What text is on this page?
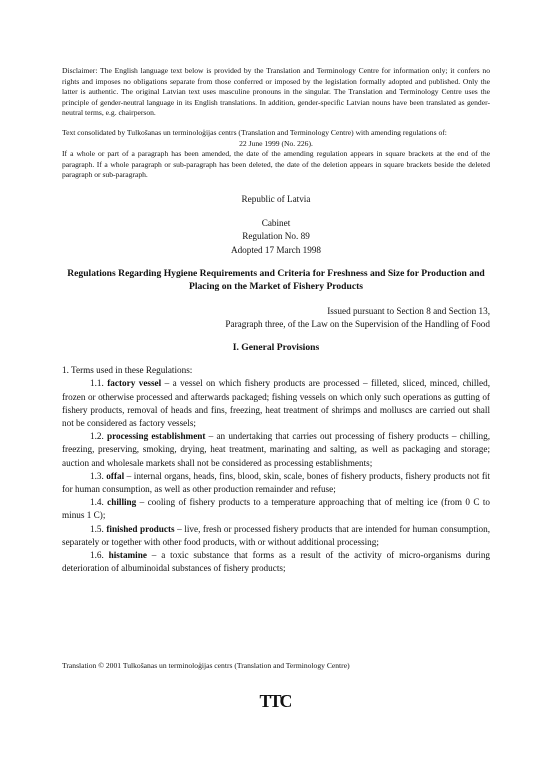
Disclaimer: The English language text below is provided by the Translation and Terminology Centre for information only; it confers no rights and imposes no obligations separate from those conferred or imposed by the legislation formally adopted and published. Only the latter is authentic. The original Latvian text uses masculine pronouns in the singular. The Translation and Terminology Centre uses the principle of gender-neutral language in its English translations. In addition, gender-specific Latvian nouns have been translated as gender-neutral terms, e.g. chairperson.

Text consolidated by Tulkošanas un terminoloģijas centrs (Translation and Terminology Centre) with amending regulations of:

22 June 1999 (No. 226).

If a whole or part of a paragraph has been amended, the date of the amending regulation appears in square brackets at the end of the paragraph. If a whole paragraph or sub-paragraph has been deleted, the date of the deletion appears in square brackets beside the deleted paragraph or sub-paragraph.

Republic of Latvia
Cabinet
Regulation No. 89
Adopted 17 March 1998
Regulations Regarding Hygiene Requirements and Criteria for Freshness and Size for Production and Placing on the Market of Fishery Products
Issued pursuant to Section 8 and Section 13,
Paragraph three, of the Law on the Supervision of the Handling of Food
I. General Provisions

1. Terms used in these Regulations:

1.1. factory vessel – a vessel on which fishery products are processed – filleted, sliced, minced, chilled, frozen or otherwise processed and afterwards packaged; fishing vessels on which only such operations as gutting of fishery products, removal of heads and fins, freezing, heat treatment of shrimps and molluscs are carried out shall not be considered as factory vessels;

1.2. processing establishment – an undertaking that carries out processing of fishery products – chilling, freezing, preserving, smoking, drying, heat treatment, marinating and salting, as well as packaging and storage; auction and wholesale markets shall not be considered as processing establishments;

1.3. offal – internal organs, heads, fins, blood, skin, scale, bones of fishery products, fishery products not fit for human consumption, as well as other production remainder and refuse;

1.4. chilling – cooling of fishery products to a temperature approaching that of melting ice (from 0 C to minus 1 C);

1.5. finished products – live, fresh or processed fishery products that are intended for human consumption, separately or together with other food products, with or without additional processing;

1.6. histamine – a toxic substance that forms as a result of the activity of micro-organisms during deterioration of albuminoidal substances of fishery products;

Translation © 2001 Tulkošanas un terminoloģijas centrs (Translation and Terminology Centre)
TTC
